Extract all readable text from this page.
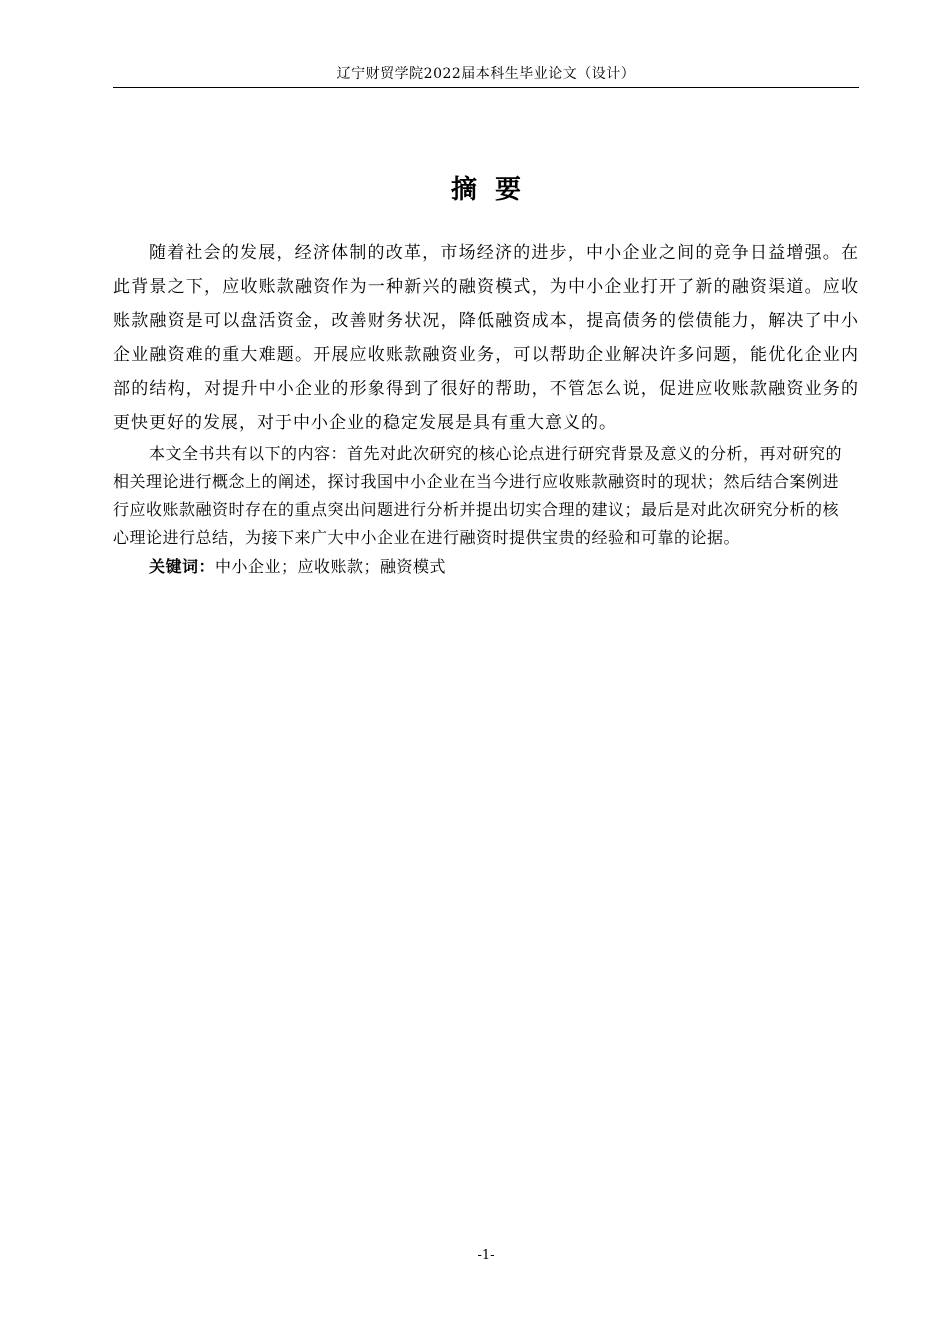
辽宁财贸学院2022届本科生毕业论文（设计）
摘  要

随着社会的发展，经济体制的改革，市场经济的进步，中小企业之间的竞争日益增强。在此背景之下，应收账款融资作为一种新兴的融资模式，为中小企业打开了新的融资渠道。应收账款融资是可以盘活资金，改善财务状况，降低融资成本，提高债务的偿债能力，解决了中小企业融资难的重大难题。开展应收账款融资业务，可以帮助企业解决许多问题，能优化企业内部的结构，对提升中小企业的形象得到了很好的帮助，不管怎么说，促进应收账款融资业务的更快更好的发展，对于中小企业的稳定发展是具有重大意义的。

本文全书共有以下的内容：首先对此次研究的核心论点进行研究背景及意义的分析，再对研究的相关理论进行概念上的阐述，探讨我国中小企业在当今进行应收账款融资时的现状；然后结合案例进行应收账款融资时存在的重点突出问题进行分析并提出切实合理的建议；最后是对此次研究分析的核心理论进行总结，为接下来广大中小企业在进行融资时提供宝贵的经验和可靠的论据。

关键词：中小企业；应收账款；融资模式

-1-
